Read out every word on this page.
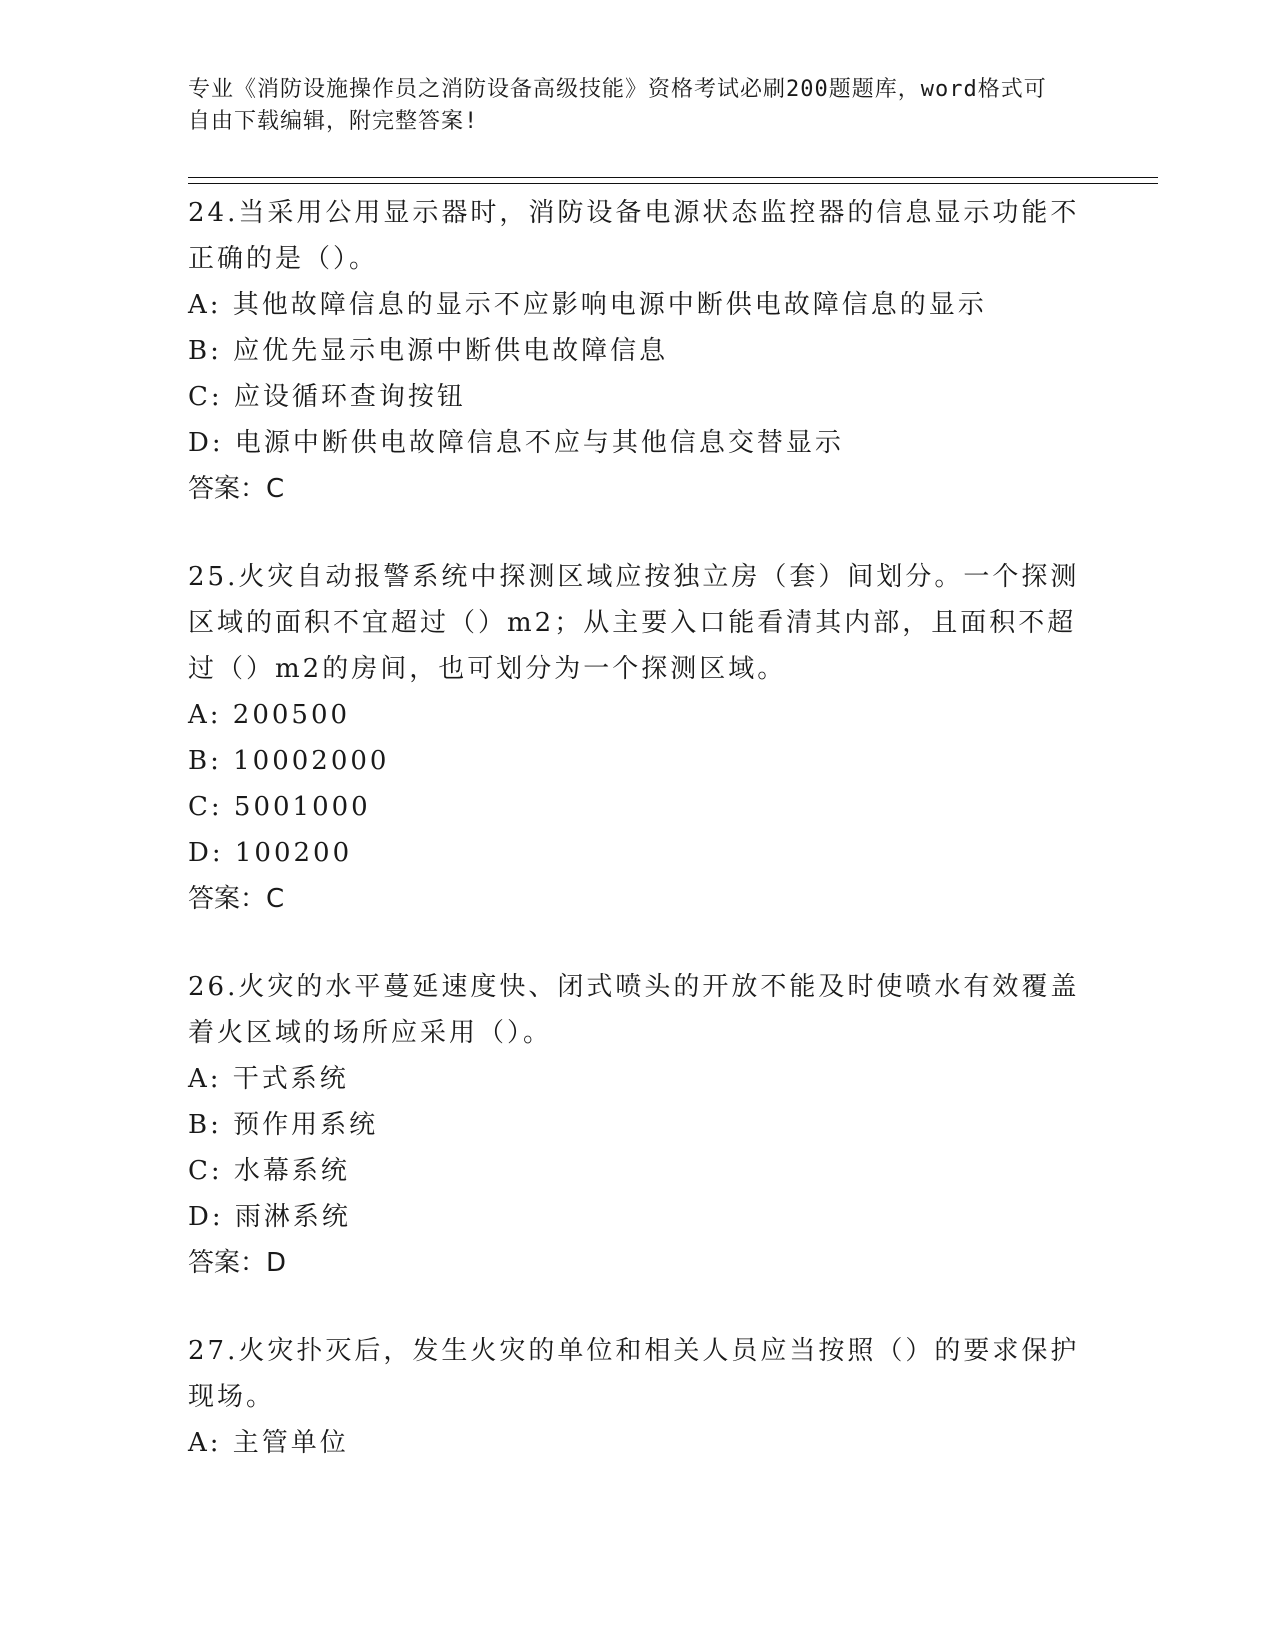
专业《消防设施操作员之消防设备高级技能》资格考试必刷200题题库，word格式可自由下载编辑，附完整答案!

24.当采用公用显示器时，消防设备电源状态监控器的信息显示功能不正确的是（）。

A: 其他故障信息的显示不应影响电源中断供电故障信息的显示

B: 应优先显示电源中断供电故障信息

C: 应设循环查询按钮

D: 电源中断供电故障信息不应与其他信息交替显示

答案：C

25.火灾自动报警系统中探测区域应按独立房（套）间划分。一个探测区域的面积不宜超过（）m2；从主要入口能看清其内部，且面积不超过（）m2的房间，也可划分为一个探测区域。

A: 200500

B: 10002000

C: 5001000

D: 100200

答案：C

26.火灾的水平蔓延速度快、闭式喷头的开放不能及时使喷水有效覆盖着火区域的场所应采用（）。

A: 干式系统

B: 预作用系统

C: 水幕系统

D: 雨淋系统

答案：D

27.火灾扑灭后，发生火灾的单位和相关人员应当按照（）的要求保护现场。

A: 主管单位
